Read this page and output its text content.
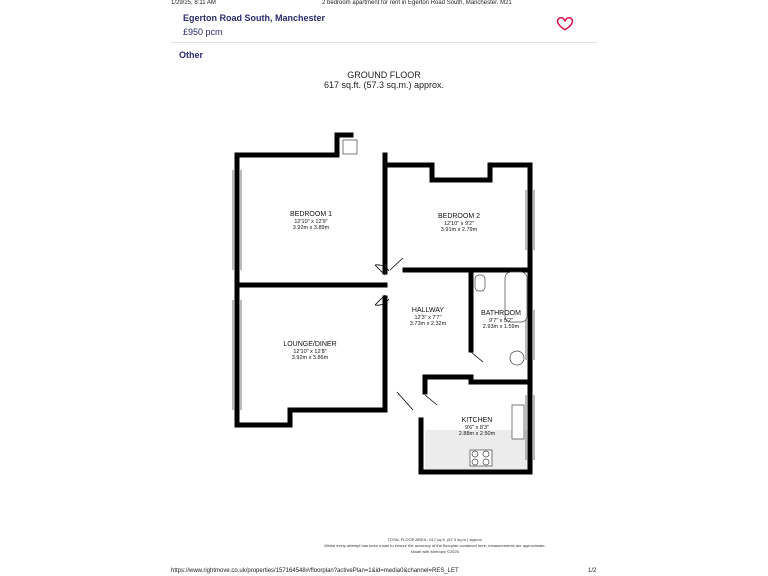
1/29/25, 8:11 AM	2 bedroom apartment for rent in Egerton Road South, Manchester, M21
Egerton Road South, Manchester
£950 pcm
Other
GROUND FLOOR
617 sq.ft. (57.3 sq.m.) approx.
BEDROOM 1
12'10" x 12'9"
3.92m x 3.89m
BEDROOM 2
12'10" x 9'2"
3.91m x 2.79m
LOUNGE/DINER
12'10" x 12'8"
3.92m x 3.86m
HALLWAY
12'3" x 7'7"
3.73m x 2.32m
BATHROOM
9'7" x 5'2"
2.93m x 1.59m
KITCHEN
9'6" x 8'3"
2.88m x 2.50m
TOTAL FLOOR AREA : 617 sq.ft. (57.3 sq.m.) approx.
Whilst every attempt has been made to ensure the accuracy of the floorplan contained here, measurements are approximate.
Made with Metropix ©2025
https://www.rightmove.co.uk/properties/157164548#/floorplan?activePlan=1&id=media0&channel=RES_LET	1/2
